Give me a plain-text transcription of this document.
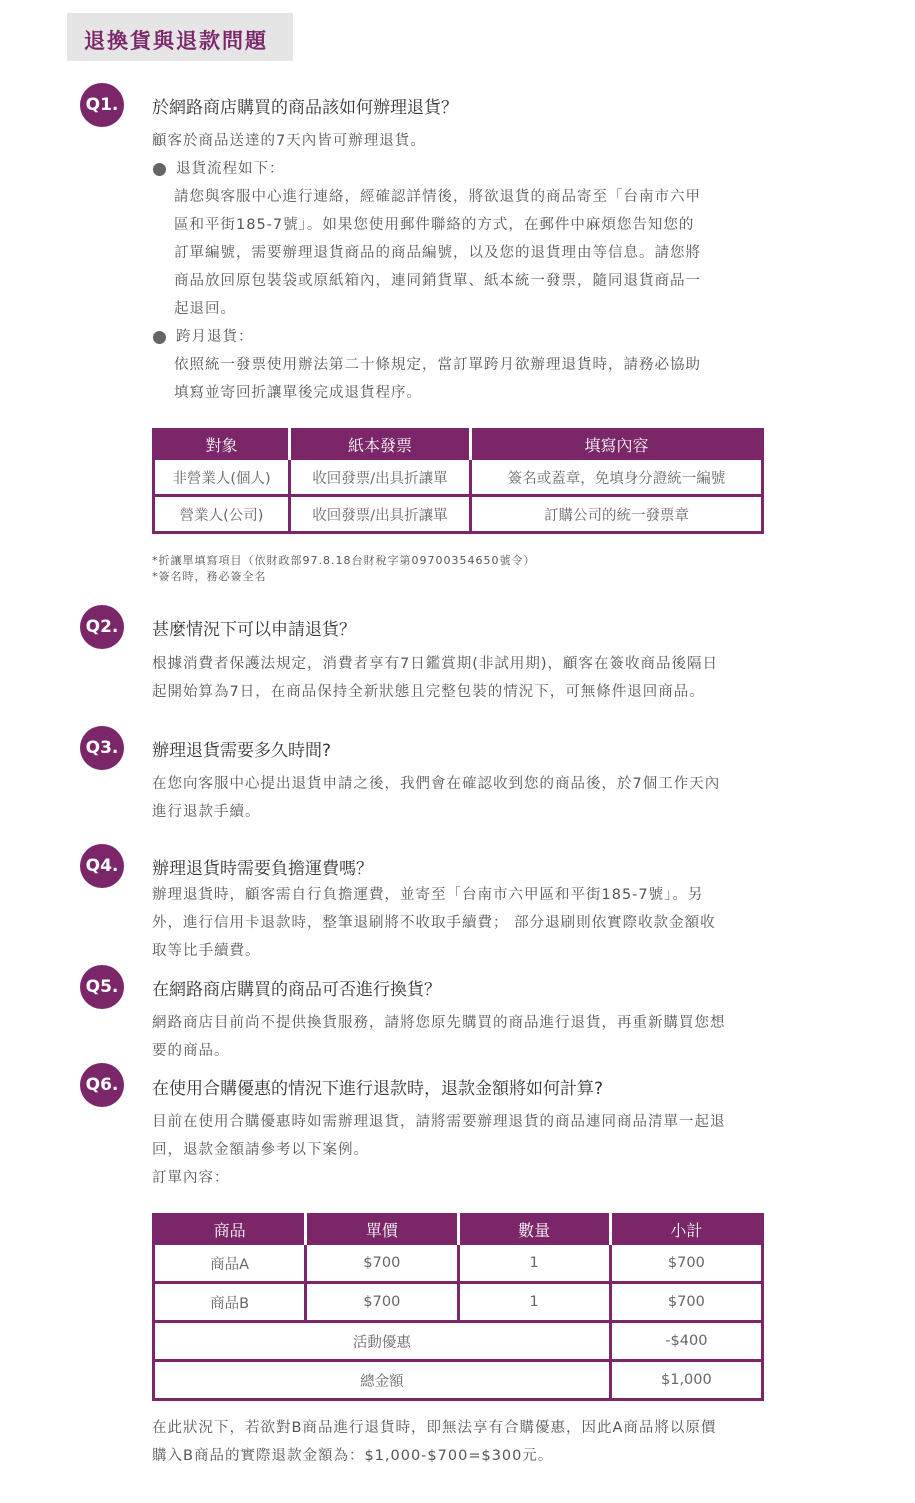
退換貨與退款問題
Q1.	於網路商店購買的商品該如何辦理退貨？
顧客於商品送達的7天內皆可辦理退貨。
退貨流程如下：
請您與客服中心進行連絡，經確認詳情後，將欲退貨的商品寄至「台南市六甲
區和平街185-7號」。如果您使用郵件聯絡的方式，在郵件中麻煩您告知您的
訂單編號，需要辦理退貨商品的商品編號，以及您的退貨理由等信息。請您將
商品放回原包裝袋或原紙箱內，連同銷貨單、紙本統一發票，隨同退貨商品一
起退回。
跨月退貨：
依照統一發票使用辦法第二十條規定，當訂單跨月欲辦理退貨時，請務必協助
填寫並寄回折讓單後完成退貨程序。
對象	紙本發票	填寫內容
非營業人(個人)	收回發票/出具折讓單	簽名或蓋章，免填身分證統一編號
營業人(公司)	收回發票/出具折讓單	訂購公司的統一發票章
*折讓單填寫項目（依財政部97.8.18台財稅字第09700354650號令）
*簽名時，務必簽全名
Q2.	甚麼情況下可以申請退貨？
根據消費者保護法規定，消費者享有7日鑑賞期(非試用期)，顧客在簽收商品後隔日
起開始算為7日，在商品保持全新狀態且完整包裝的情況下，可無條件退回商品。
Q3.	辦理退貨需要多久時間?
在您向客服中心提出退貨申請之後，我們會在確認收到您的商品後，於7個工作天內
進行退款手續。
Q4.	辦理退貨時需要負擔運費嗎？
辦理退貨時，顧客需自行負擔運費，並寄至「台南市六甲區和平街185-7號」。另
外，進行信用卡退款時，整筆退刷將不收取手續費； 部分退刷則依實際收款金額收
取等比手續費。
Q5.	在網路商店購買的商品可否進行換貨？
網路商店目前尚不提供換貨服務，請將您原先購買的商品進行退貨，再重新購買您想
要的商品。
Q6.	在使用合購優惠的情況下進行退款時，退款金額將如何計算?
目前在使用合購優惠時如需辦理退貨，請將需要辦理退貨的商品連同商品清單一起退
回，退款金額請參考以下案例。
訂單內容：
商品	單價	數量	小計
商品A	$700	1	$700
商品B	$700	1	$700
活動優惠			-$400
總金額			$1,000
在此狀況下，若欲對B商品進行退貨時，即無法享有合購優惠，因此A商品將以原價
購入B商品的實際退款金額為：$1,000-$700=$300元。
